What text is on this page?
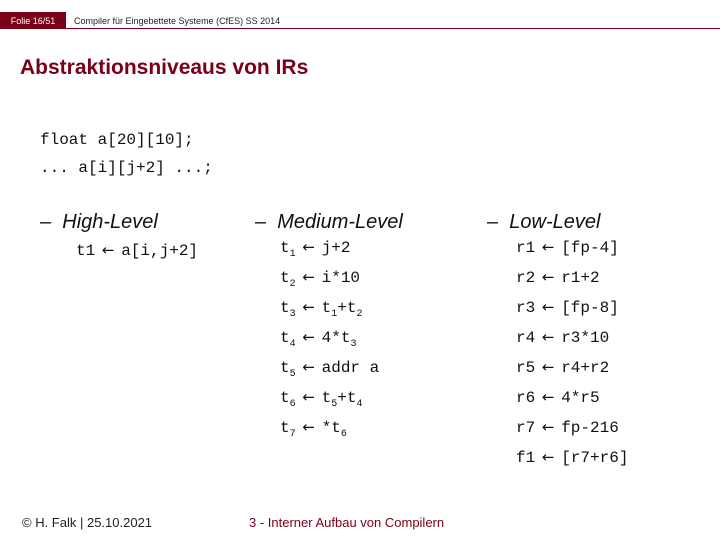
Folie 16/51	Compiler für Eingebettete Systeme (CfES) SS 2014
Abstraktionsniveaus von IRs
float a[20][10];
... a[i][j+2] ...;
– High-Level	– Medium-Level	– Low-Level
t1 ← a[i,j+2]	$t_1$ ← j+2
$t_2$ ← i*10
$t_3$ ← $t_1+t_2$
$t_4$ ← $4*t_3$
$t_5$ ← addr a
$t_6$ ← $t_5+t_4$
$t_7$ ← $*t_6$
r1 ← [fp-4]
r2 ← r1+2
r3 ← [fp-8]
r4 ← r3*10
r5 ← r4+r2
r6 ← 4*r5
r7 ← fp-216
f1 ← [r7+r6]
© H. Falk | 25.10.2021	3 - Interner Aufbau von Compilern
